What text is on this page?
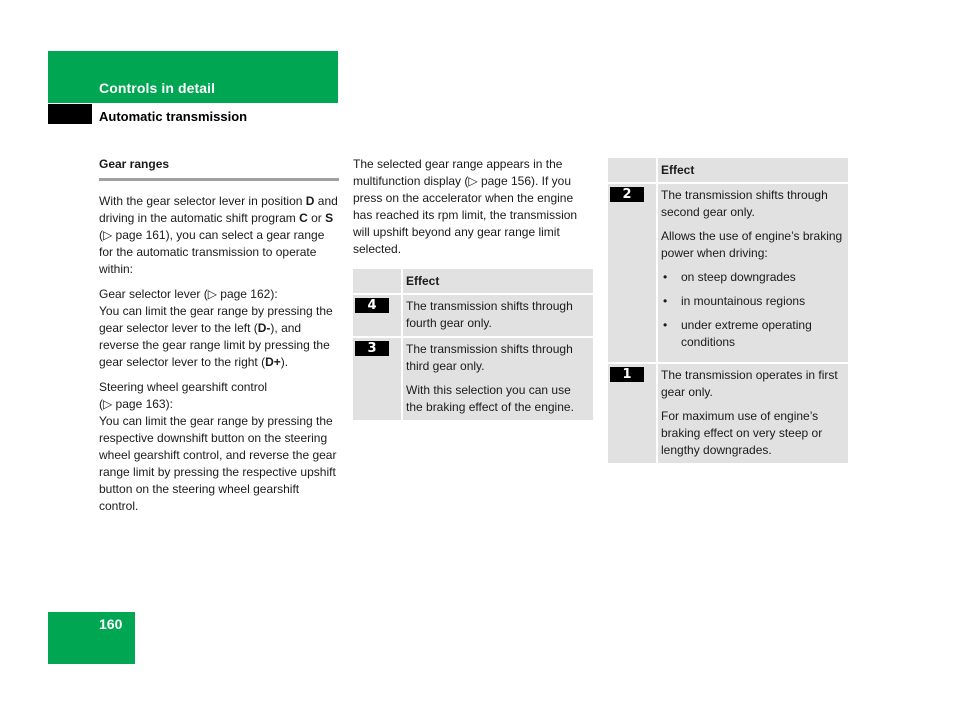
Controls in detail
Automatic transmission
Gear ranges

With the gear selector lever in position D and driving in the automatic shift program C or S (▷ page 161), you can select a gear range for the automatic transmission to operate within:

Gear selector lever (▷ page 162):
You can limit the gear range by pressing the gear selector lever to the left (D-), and reverse the gear range limit by pressing the gear selector lever to the right (D+).

Steering wheel gearshift control
(▷ page 163):
You can limit the gear range by pressing the respective downshift button on the steering wheel gearshift control, and reverse the gear range limit by pressing the respective upshift button on the steering wheel gearshift control.

The selected gear range appears in the multifunction display (▷ page 156). If you press on the accelerator when the engine has reached its rpm limit, the transmission will upshift beyond any gear range limit selected.

	Effect
4	The transmission shifts through fourth gear only.

3	The transmission shifts through third gear only.

With this selection you can use the braking effect of the engine.

	Effect
2	The transmission shifts through second gear only.

Allows the use of engine’s braking power when driving:

• on steep downgrades

• in mountainous regions

• under extreme operating conditions

1	The transmission operates in first gear only.

For maximum use of engine’s braking effect on very steep or lengthy downgrades.

160
